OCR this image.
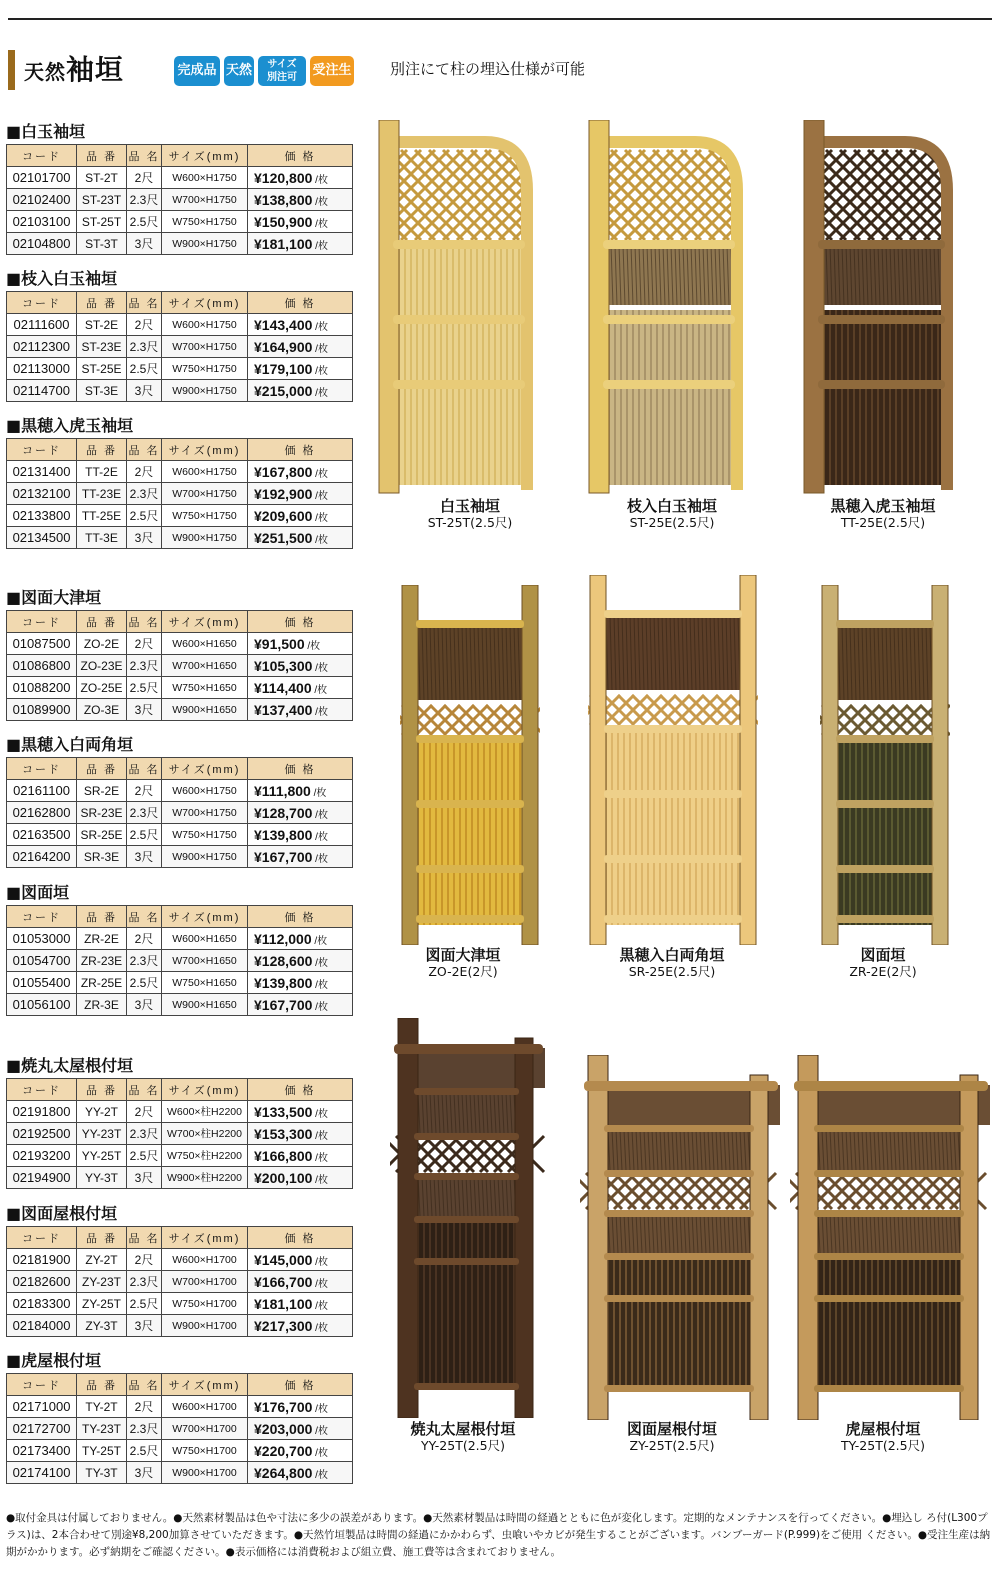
天然袖垣	完成品 天然	サイズ
別注可	受注生産
別注にて柱の埋込仕様が可能
■白玉袖垣
コード	品 番	品 名	サイズ(mm)	価 格
02101700	ST-2T	2尺	W600×H1750	¥120,800 /枚
02102400	ST-23T	2.3尺	W700×H1750	¥138,800 /枚
02103100	ST-25T	2.5尺	W750×H1750	¥150,900 /枚
02104800	ST-3T	3尺	W900×H1750	¥181,100 /枚
■枝入白玉袖垣
コード	品 番	品 名	サイズ(mm)	価 格
02111600	ST-2E	2尺	W600×H1750	¥143,400 /枚
02112300	ST-23E	2.3尺	W700×H1750	¥164,900 /枚
02113000	ST-25E	2.5尺	W750×H1750	¥179,100 /枚
02114700	ST-3E	3尺	W900×H1750	¥215,000 /枚
■黒穂入虎玉袖垣
コード	品 番	品 名	サイズ(mm)	価 格
02131400	TT-2E	2尺	W600×H1750	¥167,800 /枚
02132100	TT-23E	2.3尺	W700×H1750	¥192,900 /枚
02133800	TT-25E	2.5尺	W750×H1750	¥209,600 /枚
02134500	TT-3E	3尺	W900×H1750	¥251,500 /枚
■図面大津垣
コード	品 番	品 名	サイズ(mm)	価 格
01087500	ZO-2E	2尺	W600×H1650	¥91,500 /枚
01086800	ZO-23E	2.3尺	W700×H1650	¥105,300 /枚
01088200	ZO-25E	2.5尺	W750×H1650	¥114,400 /枚
01089900	ZO-3E	3尺	W900×H1650	¥137,400 /枚
■黒穂入白両角垣
コード	品 番	品 名	サイズ(mm)	価 格
02161100	SR-2E	2尺	W600×H1750	¥111,800 /枚
02162800	SR-23E	2.3尺	W700×H1750	¥128,700 /枚
02163500	SR-25E	2.5尺	W750×H1750	¥139,800 /枚
02164200	SR-3E	3尺	W900×H1750	¥167,700 /枚
■図面垣
コード	品 番	品 名	サイズ(mm)	価 格
01053000	ZR-2E	2尺	W600×H1650	¥112,000 /枚
01054700	ZR-23E	2.3尺	W700×H1650	¥128,600 /枚
01055400	ZR-25E	2.5尺	W750×H1650	¥139,800 /枚
01056100	ZR-3E	3尺	W900×H1650	¥167,700 /枚
■焼丸太屋根付垣
コード	品 番	品 名	サイズ(mm)	価 格
02191800	YY-2T	2尺	W600×柱H2200	¥133,500 /枚
02192500	YY-23T	2.3尺	W700×柱H2200	¥153,300 /枚
02193200	YY-25T	2.5尺	W750×柱H2200	¥166,800 /枚
02194900	YY-3T	3尺	W900×柱H2200	¥200,100 /枚
■図面屋根付垣
コード	品 番	品 名	サイズ(mm)	価 格
02181900	ZY-2T	2尺	W600×H1700	¥145,000 /枚
02182600	ZY-23T	2.3尺	W700×H1700	¥166,700 /枚
02183300	ZY-25T	2.5尺	W750×H1700	¥181,100 /枚
02184000	ZY-3T	3尺	W900×H1700	¥217,300 /枚
■虎屋根付垣
コード	品 番	品 名	サイズ(mm)	価 格
02171000	TY-2T	2尺	W600×H1700	¥176,700 /枚
02172700	TY-23T	2.3尺	W700×H1700	¥203,000 /枚
02173400	TY-25T	2.5尺	W750×H1700	¥220,700 /枚
02174100	TY-3T	3尺	W900×H1700	¥264,800 /枚
白玉袖垣
ST-25T(2.5尺)
枝入白玉袖垣
ST-25E(2.5尺)
黒穂入虎玉袖垣
TT-25E(2.5尺)
図面大津垣
ZO-2E(2尺)
黒穂入白両角垣
SR-25E(2.5尺)
図面垣
ZR-2E(2尺)
焼丸太屋根付垣
YY-25T(2.5尺)
図面屋根付垣
ZY-25T(2.5尺)
虎屋根付垣
TY-25T(2.5尺)
●取付金具は付属しておりません。●天然素材製品は色や寸法に多少の誤差があります。●天然素材製品は時間の経過とともに色が変化します。定期的なメンテナンスを行ってください。●埋込し ろ付(L300プラス)は、2本合わせて別途¥8,200加算させていただきます。●天然竹垣製品は時間の経過にかかわらず、虫喰いやカビが発生することがございます。バンブーガード(P.999)をご使用 ください。●受注生産は納期がかかります。必ず納期をご確認ください。●表示価格には消費税および組立費、施工費等は含まれておりません。
